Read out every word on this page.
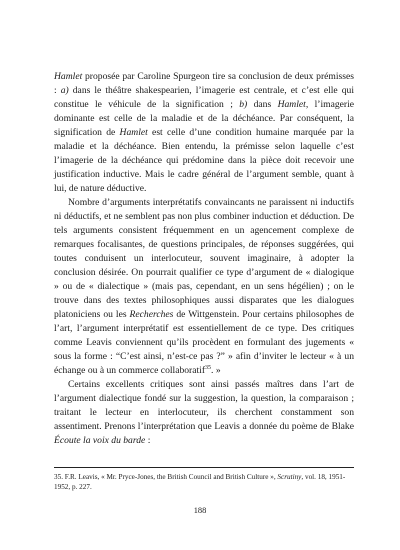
Hamlet proposée par Caroline Spurgeon tire sa conclusion de deux prémisses : a) dans le théâtre shakespearien, l’imagerie est centrale, et c’est elle qui constitue le véhicule de la signification ; b) dans Hamlet, l’imagerie dominante est celle de la maladie et de la déchéance. Par conséquent, la signification de Hamlet est celle d’une condition humaine marquée par la maladie et la déchéance. Bien entendu, la prémisse selon laquelle c’est l’imagerie de la déchéance qui prédomine dans la pièce doit recevoir une justification inductive. Mais le cadre général de l’argument semble, quant à lui, de nature déductive.

Nombre d’arguments interprétatifs convaincants ne paraissent ni inductifs ni déductifs, et ne semblent pas non plus combiner induction et déduction. De tels arguments consistent fréquemment en un agencement complexe de remarques focalisantes, de questions principales, de réponses suggérées, qui toutes conduisent un interlocuteur, souvent imaginaire, à adopter la conclusion désirée. On pourrait qualifier ce type d’argument de « dialogique » ou de « dialectique » (mais pas, cependant, en un sens hégélien) ; on le trouve dans des textes philosophiques aussi disparates que les dialogues platoniciens ou les Recherches de Wittgenstein. Pour certains philosophes de l’art, l’argument interprétatif est essentiellement de ce type. Des critiques comme Leavis conviennent qu’ils procèdent en formulant des jugements « sous la forme : “C’est ainsi, n’est-ce pas ?” » afin d’inviter le lecteur « à un échange ou à un commerce collaboratif$^{35}$. »

Certains excellents critiques sont ainsi passés maîtres dans l’art de l’argument dialectique fondé sur la suggestion, la question, la comparaison ; traitant le lecteur en interlocuteur, ils cherchent constamment son assentiment. Prenons l’interprétation que Leavis a donnée du poème de Blake Écoute la voix du barde :

35. F.R. Leavis, « Mr. Pryce-Jones, the British Council and British Culture », Scrutiny, vol. 18, 1951-1952, p. 227.

188
